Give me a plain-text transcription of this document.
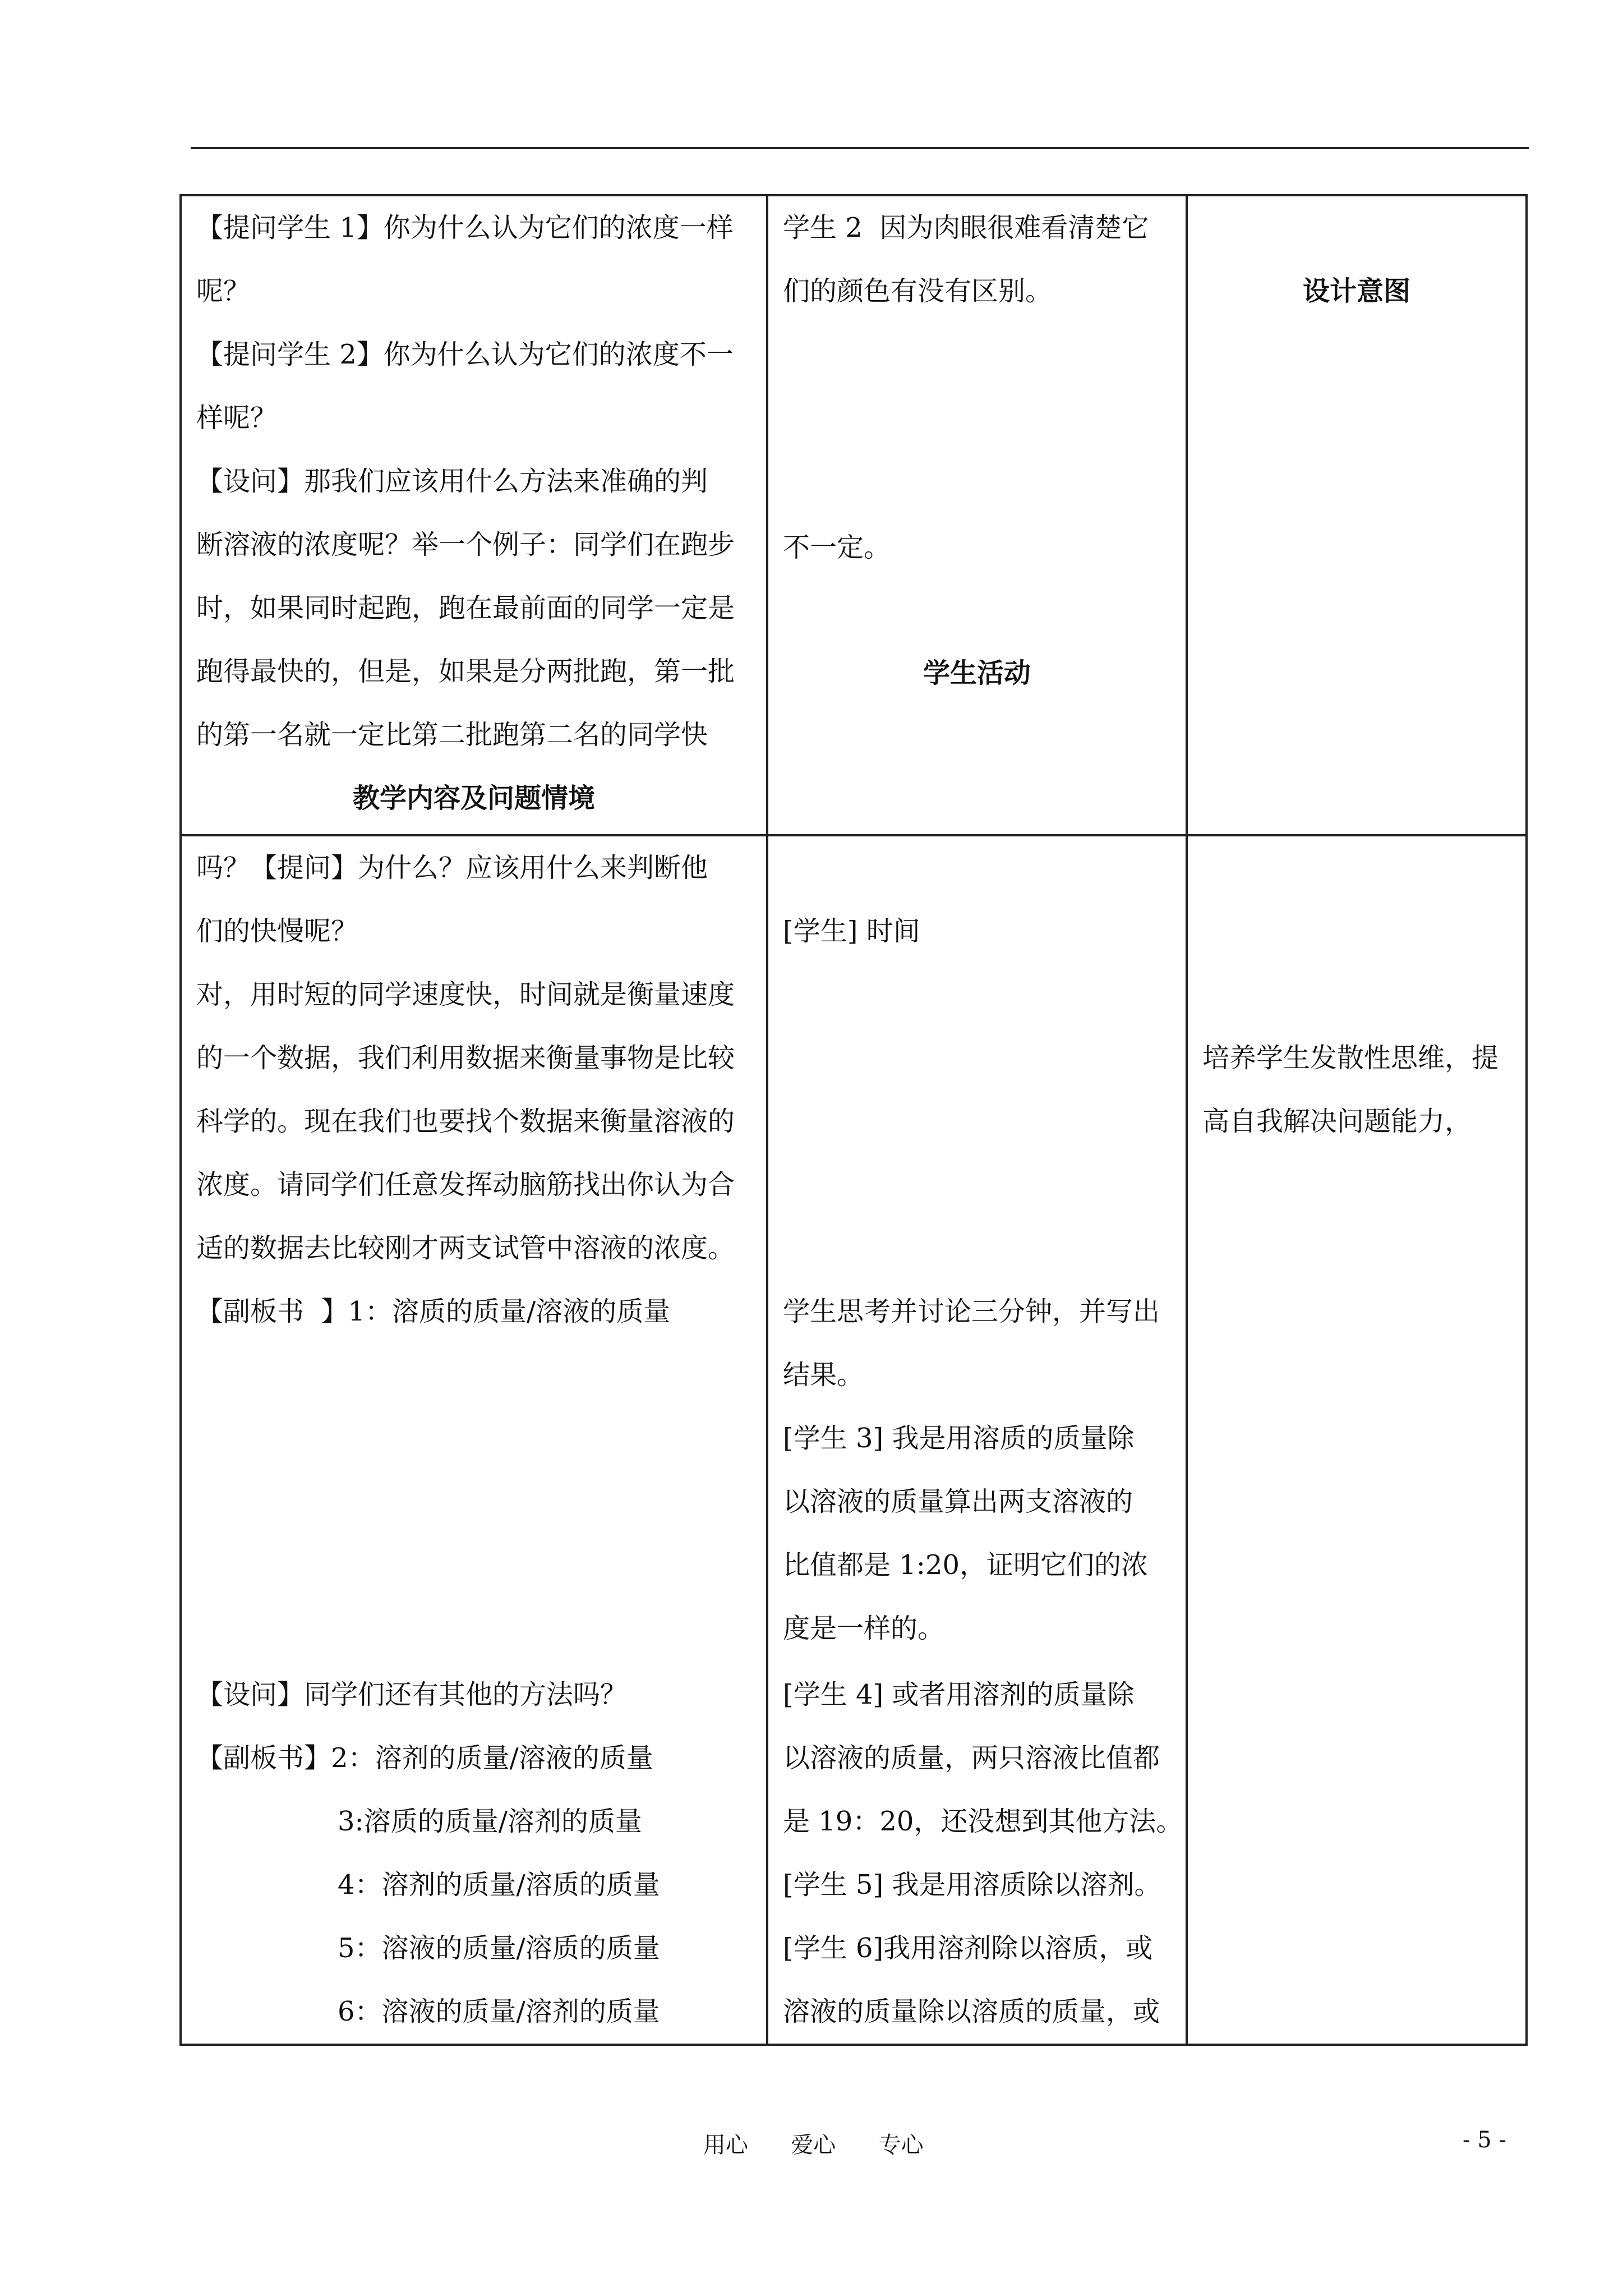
【提问学生 1】你为什么认为它们的浓度一样
呢？
【提问学生 2】你为什么认为它们的浓度不一
样呢？
【设问】那我们应该用什么方法来准确的判
断溶液的浓度呢？举一个例子：同学们在跑步
时，如果同时起跑，跑在最前面的同学一定是
跑得最快的，但是，如果是分两批跑，第一批
的第一名就一定比第二批跑第二名的同学快
教学内容及问题情境
学生 2  因为肉眼很难看清楚它
们的颜色有没有区别。
不一定。
学生活动
设计意图
吗？【提问】为什么？应该用什么来判断他
们的快慢呢？
对，用时短的同学速度快，时间就是衡量速度
的一个数据，我们利用数据来衡量事物是比较
科学的。现在我们也要找个数据来衡量溶液的
浓度。请同学们任意发挥动脑筋找出你认为合
适的数据去比较刚才两支试管中溶液的浓度。
【副板书  】1：溶质的质量/溶液的质量
【设问】同学们还有其他的方法吗？
【副板书】2：溶剂的质量/溶液的质量
3:溶质的质量/溶剂的质量
4：溶剂的质量/溶质的质量
5：溶液的质量/溶质的质量
6：溶液的质量/溶剂的质量
[学生] 时间
学生思考并讨论三分钟，并写出
结果。
[学生 3] 我是用溶质的质量除
以溶液的质量算出两支溶液的
比值都是 1:20，证明它们的浓
度是一样的。
[学生 4] 或者用溶剂的质量除
以溶液的质量，两只溶液比值都
是 19：20，还没想到其他方法。
[学生 5] 我是用溶质除以溶剂。
[学生 6]我用溶剂除以溶质，或
溶液的质量除以溶质的质量，或
培养学生发散性思维，提
高自我解决问题能力，
用心      爱心      专心	- 5 -
